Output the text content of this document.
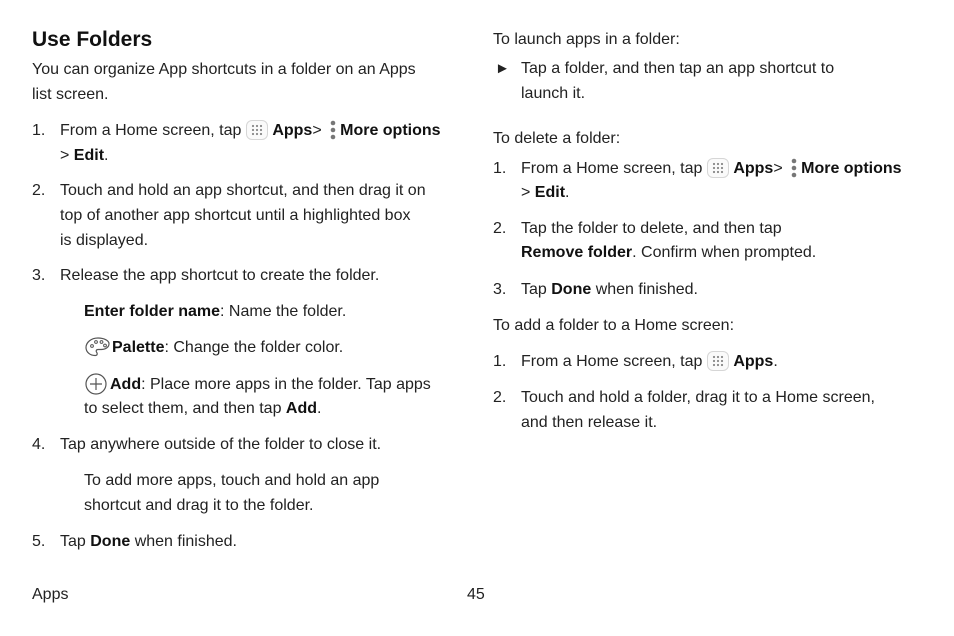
Use Folders
You can organize App shortcuts in a folder on an Apps
list screen.
1. From a Home screen, tap Apps> More options
> Edit.
2. Touch and hold an app shortcut, and then drag it on
top of another app shortcut until a highlighted box
is displayed.
3. Release the app shortcut to create the folder.
Enter folder name: Name the folder.
Palette: Change the folder color.
Add: Place more apps in the folder. Tap apps
to select them, and then tap Add.
4. Tap anywhere outside of the folder to close it.
To add more apps, touch and hold an app
shortcut and drag it to the folder.
5. Tap Done when finished.
To launch apps in a folder:
► Tap a folder, and then tap an app shortcut to
launch it.
To delete a folder:
1. From a Home screen, tap Apps> More options
> Edit.
2. Tap the folder to delete, and then tap
Remove folder. Confirm when prompted.
3. Tap Done when finished.
To add a folder to a Home screen:
1. From a Home screen, tap Apps.
2. Touch and hold a folder, drag it to a Home screen,
and then release it.
Apps	45
